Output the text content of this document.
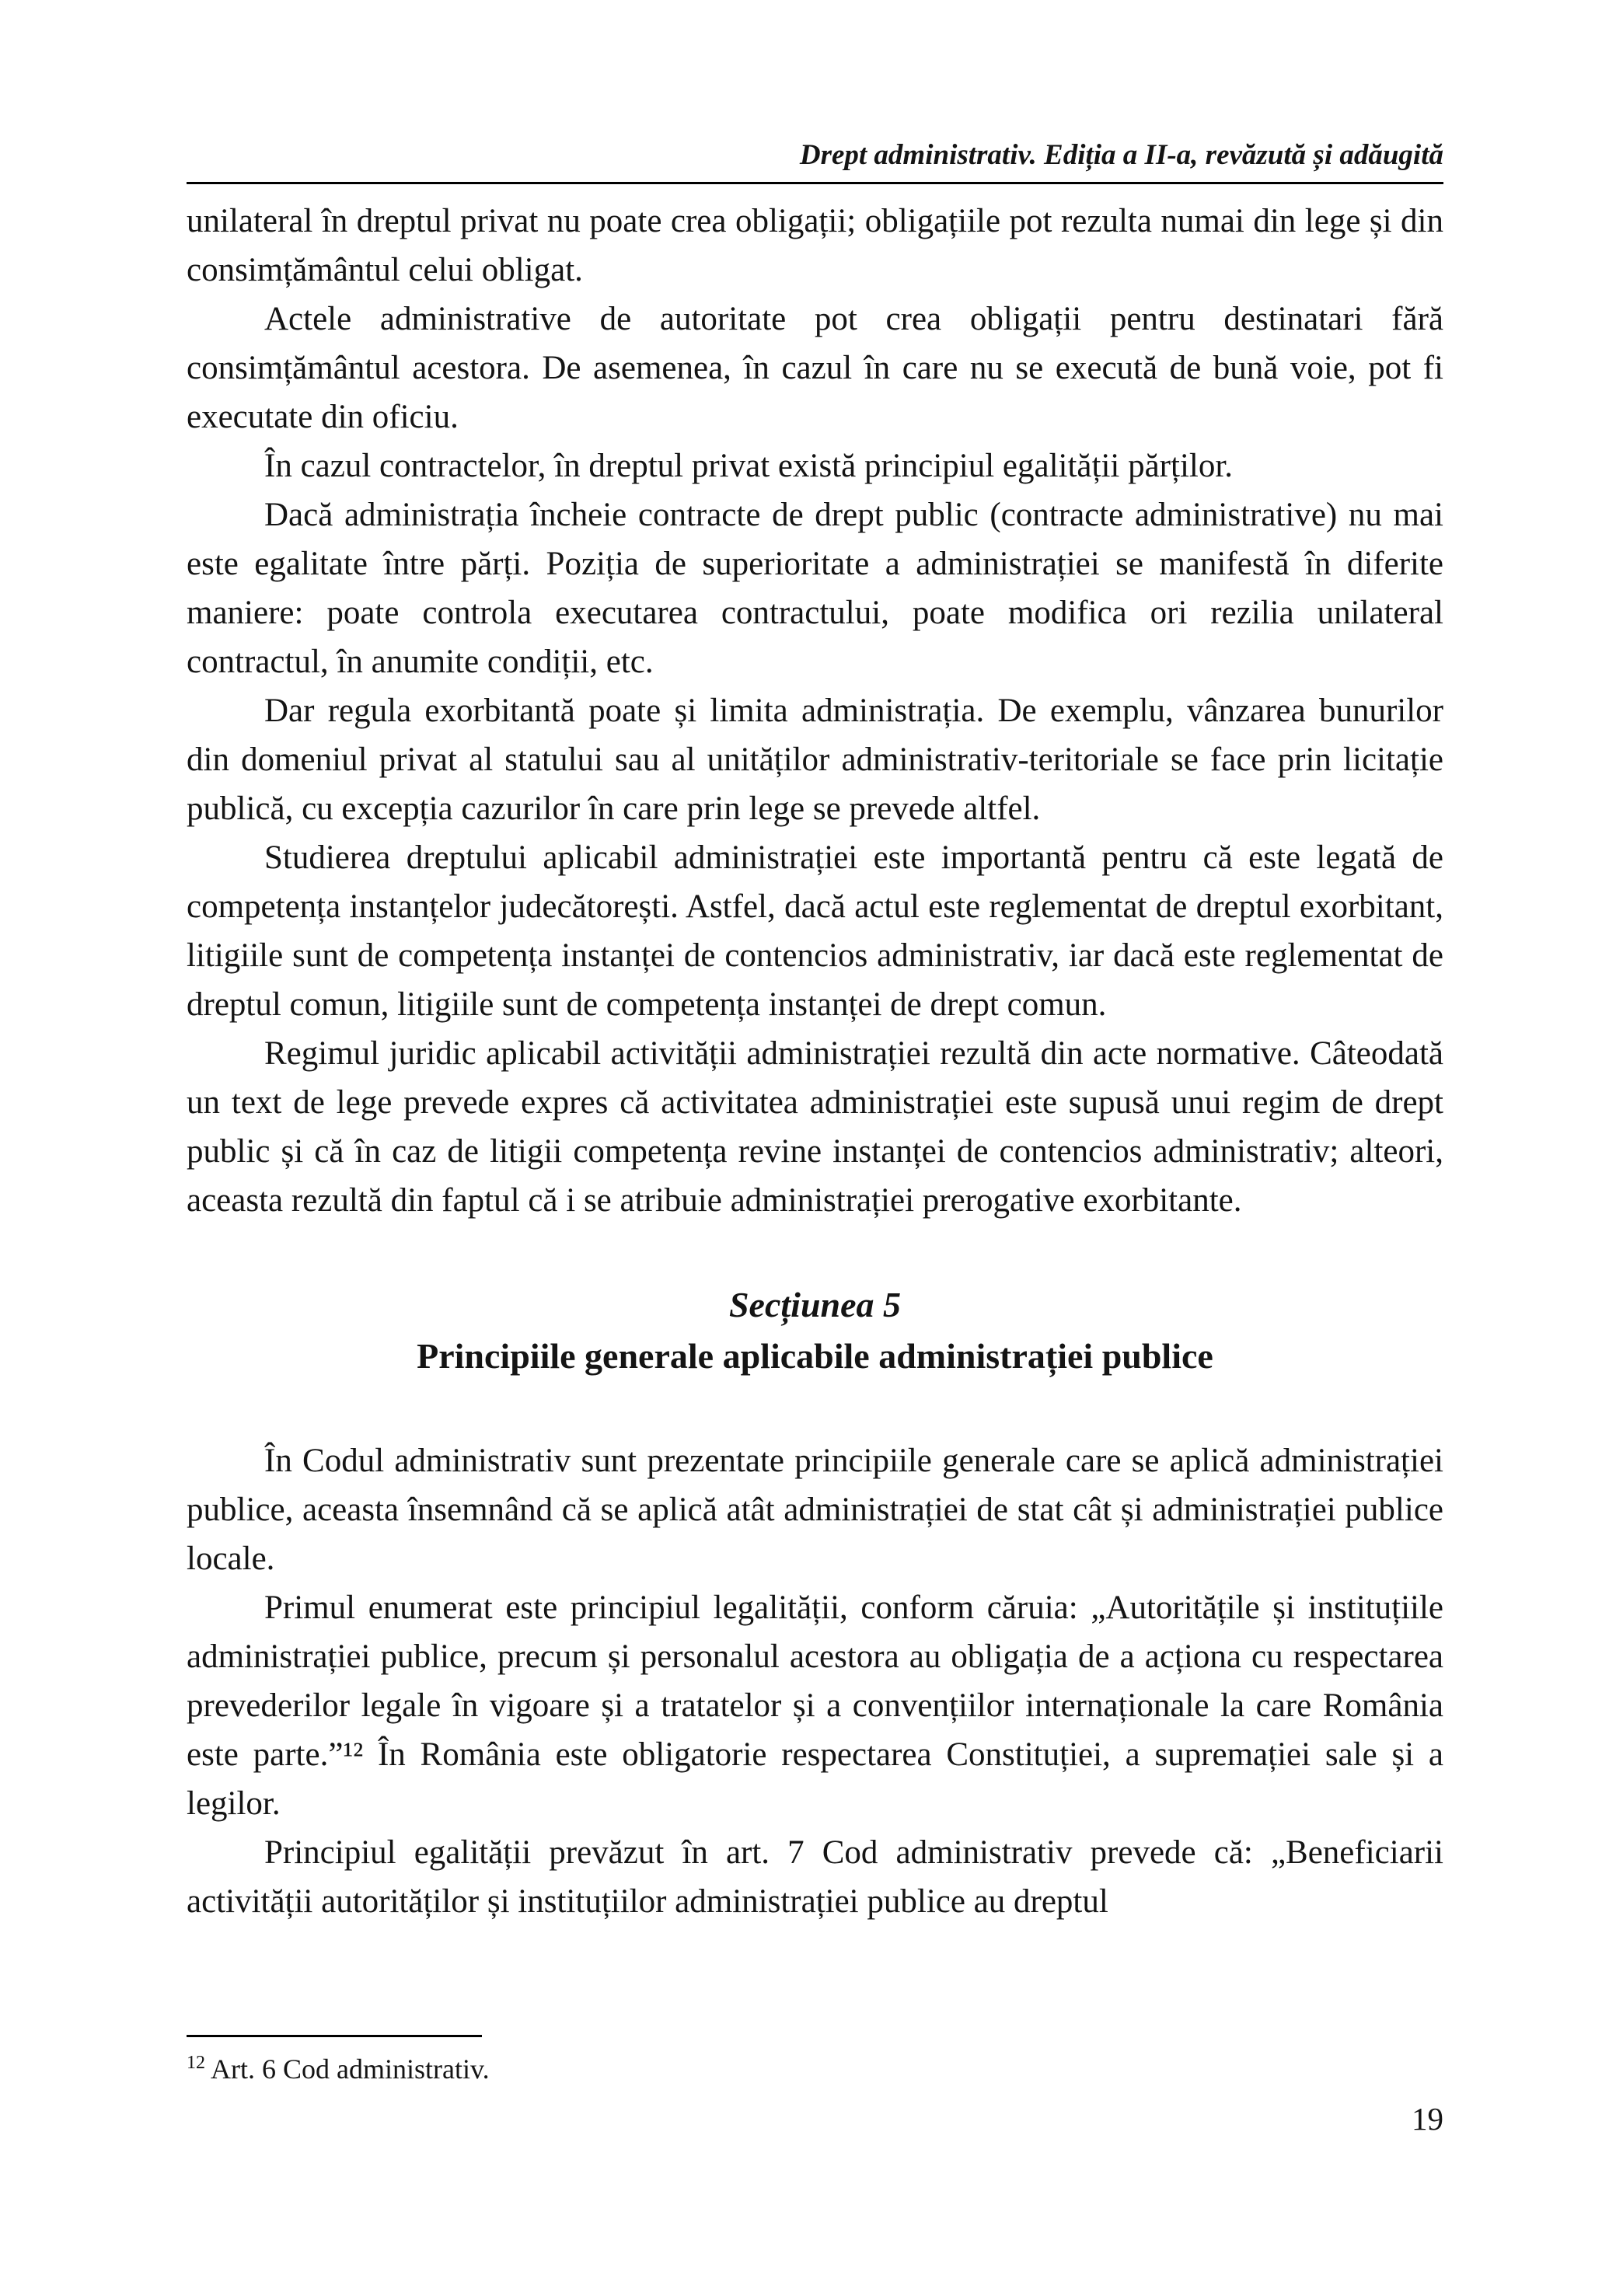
Drept administrativ. Ediția a II-a, revăzută și adăugită

unilateral în dreptul privat nu poate crea obligații; obligațiile pot rezulta numai din lege și din consimțământul celui obligat.

Actele administrative de autoritate pot crea obligații pentru destinatari fără consimțământul acestora. De asemenea, în cazul în care nu se execută de bună voie, pot fi executate din oficiu.

În cazul contractelor, în dreptul privat există principiul egalității părților.

Dacă administrația încheie contracte de drept public (contracte administrative) nu mai este egalitate între părți. Poziția de superioritate a administrației se manifestă în diferite maniere: poate controla executarea contractului, poate modifica ori rezilia unilateral contractul, în anumite condiții, etc.

Dar regula exorbitantă poate și limita administrația. De exemplu, vânzarea bunurilor din domeniul privat al statului sau al unităților administrativ-teritoriale se face prin licitație publică, cu excepția cazurilor în care prin lege se prevede altfel.

Studierea dreptului aplicabil administrației este importantă pentru că este legată de competența instanțelor judecătorești. Astfel, dacă actul este reglementat de dreptul exorbitant, litigiile sunt de competența instanței de contencios administrativ, iar dacă este reglementat de dreptul comun, litigiile sunt de competența instanței de drept comun.

Regimul juridic aplicabil activității administrației rezultă din acte normative. Câteodată un text de lege prevede expres că activitatea administrației este supusă unui regim de drept public și că în caz de litigii competența revine instanței de contencios administrativ; alteori, aceasta rezultă din faptul că i se atribuie administrației prerogative exorbitante.

Secțiunea 5
Principiile generale aplicabile administrației publice

În Codul administrativ sunt prezentate principiile generale care se aplică administrației publice, aceasta însemnând că se aplică atât administrației de stat cât și administrației publice locale.

Primul enumerat este principiul legalității, conform căruia: „Autoritățile și instituțiile administrației publice, precum și personalul acestora au obligația de a acționa cu respectarea prevederilor legale în vigoare și a tratatelor și a convențiilor internaționale la care România este parte.”¹² În România este obligatorie respectarea Constituției, a supremației sale și a legilor.

Principiul egalității prevăzut în art. 7 Cod administrativ prevede că: „Beneficiarii activității autorităților și instituțiilor administrației publice au dreptul

$^{12}$ Art. 6 Cod administrativ.

19
